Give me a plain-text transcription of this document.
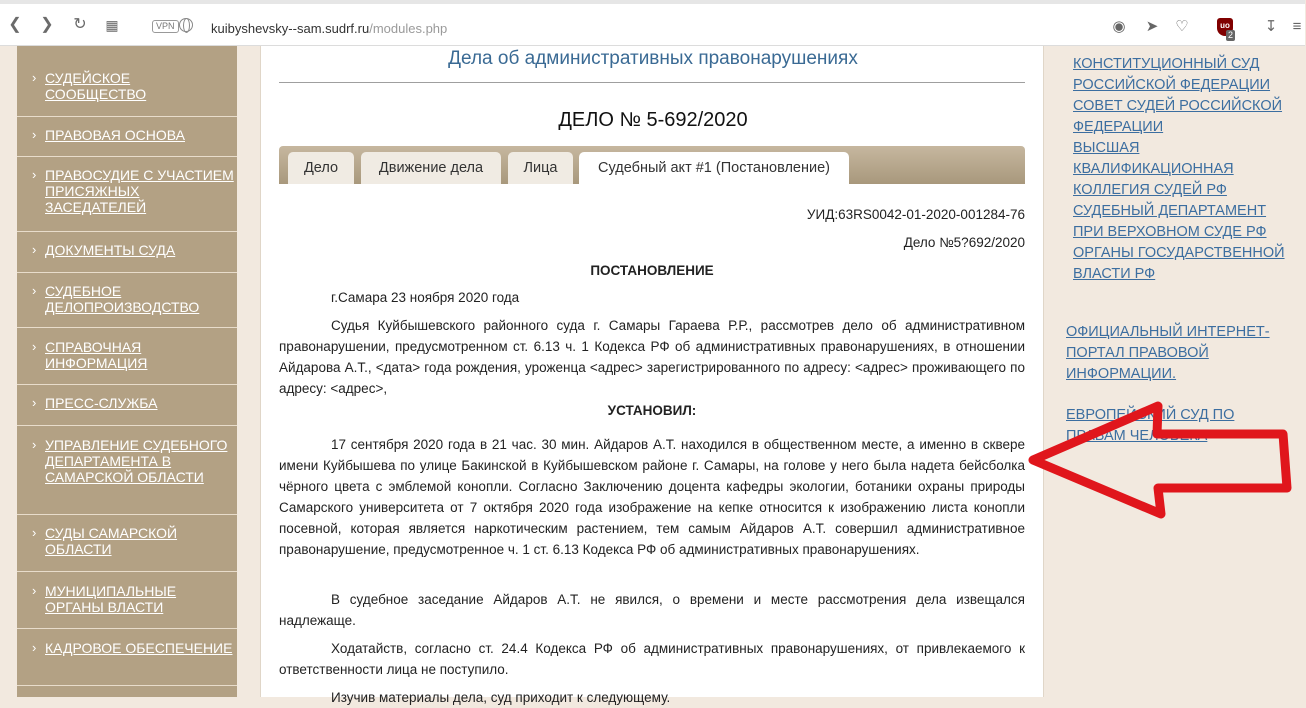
❮ ❯ ↻	▦	VPN	kuibyshevsky--sam.sudrf.ru/modules.php	◉ ➤ ♡	uo
2 ↧	≡
› СУДЕЙСКОЕ СООБЩЕСТВО
› ПРАВОВАЯ ОСНОВА
› ПРАВОСУДИЕ С УЧАСТИЕМ ПРИСЯЖНЫХ ЗАСЕДАТЕЛЕЙ
› ДОКУМЕНТЫ СУДА
› СУДЕБНОЕ ДЕЛОПРОИЗВОДСТВО
› СПРАВОЧНАЯ ИНФОРМАЦИЯ
› ПРЕСС-СЛУЖБА
› УПРАВЛЕНИЕ СУДЕБНОГО ДЕПАРТАМЕНТА В САМАРСКОЙ ОБЛАСТИ
› СУДЫ САМАРСКОЙ ОБЛАСТИ
› МУНИЦИПАЛЬНЫЕ ОРГАНЫ ВЛАСТИ
› КАДРОВОЕ ОБЕСПЕЧЕНИЕ
Дела об административных правонарушениях
ДЕЛО № 5-692/2020
Дело	Движение дела	Лица	Судебный акт #1 (Постановление)
УИД:63RS0042-01-2020-001284-76
Дело №5?692/2020
ПОСТАНОВЛЕНИЕ
г.Самара 23 ноября 2020 года
Судья Куйбышевского районного суда г. Самары Гараева Р.Р., рассмотрев дело об административном правонарушении, предусмотренном ст. 6.13 ч. 1 Кодекса РФ об административных правонарушениях, в отношении Айдарова А.Т., <дата> года рождения, уроженца <адрес> зарегистрированного по адресу: <адрес> проживающего по адресу: <адрес>,
УСТАНОВИЛ:
17 сентября 2020 года в 21 час. 30 мин. Айдаров А.Т. находился в общественном месте, а именно в сквере имени Куйбышева по улице Бакинской в Куйбышевском районе г. Самары, на голове у него была надета бейсболка чёрного цвета с эмблемой конопли. Согласно Заключению доцента кафедры экологии, ботаники охраны природы Самарского университета от 7 октября 2020 года изображение на кепке относится к изображению листа конопли посевной, которая является наркотическим растением, тем самым Айдаров А.Т. совершил административное правонарушение, предусмотренное ч. 1 ст. 6.13 Кодекса РФ об административных правонарушениях.
В судебное заседание Айдаров А.Т. не явился, о времени и месте рассмотрения дела извещался надлежаще.
Ходатайств, согласно ст. 24.4 Кодекса РФ об административных правонарушениях, от привлекаемого к ответственности лица не поступило.
Изучив материалы дела, суд приходит к следующему.
КОНСТИТУЦИОННЫЙ СУД РОССИЙСКОЙ ФЕДЕРАЦИИ
СОВЕТ СУДЕЙ РОССИЙСКОЙ ФЕДЕРАЦИИ
ВЫСШАЯ КВАЛИФИКАЦИОННАЯ КОЛЛЕГИЯ СУДЕЙ РФ
СУДЕБНЫЙ ДЕПАРТАМЕНТ ПРИ ВЕРХОВНОМ СУДЕ РФ
ОРГАНЫ ГОСУДАРСТВЕННОЙ ВЛАСТИ РФ
ОФИЦИАЛЬНЫЙ ИНТЕРНЕТ-ПОРТАЛ ПРАВОВОЙ ИНФОРМАЦИИ.
ЕВРОПЕЙСКИЙ СУД ПО ПРАВАМ ЧЕЛОВЕКА
